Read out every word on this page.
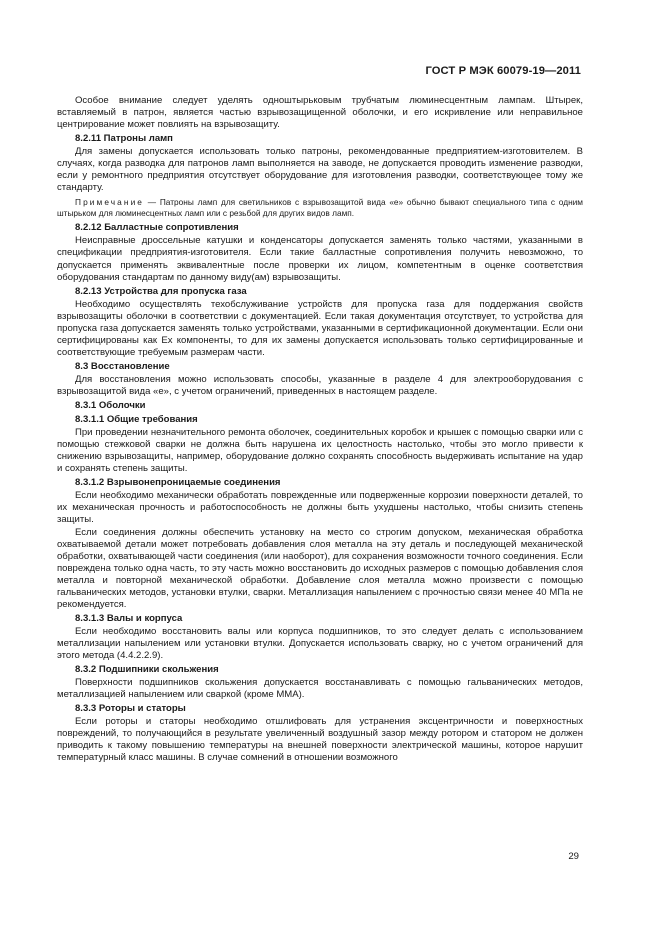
ГОСТ Р МЭК 60079-19—2011
Особое внимание следует уделять одноштырьковым трубчатым люминесцентным лампам. Штырек, вставляемый в патрон, является частью взрывозащищенной оболочки, и его искривление или неправильное центрирование может повлиять на взрывозащиту.
8.2.11 Патроны ламп
Для замены допускается использовать только патроны, рекомендованные предприятием-изготовителем. В случаях, когда разводка для патронов ламп выполняется на заводе, не допускается проводить изменение разводки, если у ремонтного предприятия отсутствует оборудование для изготовления разводки, соответствующее тому же стандарту.
Примечание — Патроны ламп для светильников с взрывозащитой вида «е» обычно бывают специального типа с одним штырьком для люминесцентных ламп или с резьбой для других видов ламп.
8.2.12 Балластные сопротивления
Неисправные дроссельные катушки и конденсаторы допускается заменять только частями, указанными в спецификации предприятия-изготовителя. Если такие балластные сопротивления получить невозможно, то допускается применять эквивалентные после проверки их лицом, компетентным в оценке соответствия оборудования стандартам по данному виду(ам) взрывозащиты.
8.2.13 Устройства для пропуска газа
Необходимо осуществлять техобслуживание устройств для пропуска газа для поддержания свойств взрывозащиты оболочки в соответствии с документацией. Если такая документация отсутствует, то устройства для пропуска газа допускается заменять только устройствами, указанными в сертификационной документации. Если они сертифицированы как Ex компоненты, то для их замены допускается использовать только сертифицированные и соответствующие требуемым размерам части.
8.3 Восстановление
Для восстановления можно использовать способы, указанные в разделе 4 для электрооборудования с взрывозащитой вида «е», с учетом ограничений, приведенных в настоящем разделе.
8.3.1 Оболочки
8.3.1.1 Общие требования
При проведении незначительного ремонта оболочек, соединительных коробок и крышек с помощью сварки или с помощью стежковой сварки не должна быть нарушена их целостность настолько, чтобы это могло привести к снижению взрывозащиты, например, оборудование должно сохранять способность выдерживать испытание на удар и сохранять степень защиты.
8.3.1.2 Взрывонепроницаемые соединения
Если необходимо механически обработать поврежденные или подверженные коррозии поверхности деталей, то их механическая прочность и работоспособность не должны быть ухудшены настолько, чтобы снизить степень защиты.
Если соединения должны обеспечить установку на место со строгим допуском, механическая обработка охватываемой детали может потребовать добавления слоя металла на эту деталь и последующей механической обработки, охватывающей части соединения (или наоборот), для сохранения возможности точного соединения. Если повреждена только одна часть, то эту часть можно восстановить до исходных размеров с помощью добавления слоя металла и повторной механической обработки. Добавление слоя металла можно произвести с помощью гальванических методов, установки втулки, сварки. Металлизация напылением с прочностью связи менее 40 МПа не рекомендуется.
8.3.1.3 Валы и корпуса
Если необходимо восстановить валы или корпуса подшипников, то это следует делать с использованием металлизации напылением или установки втулки. Допускается использовать сварку, но с учетом ограничений для этого метода (4.4.2.2.9).
8.3.2 Подшипники скольжения
Поверхности подшипников скольжения допускается восстанавливать с помощью гальванических методов, металлизацией напылением или сваркой (кроме ММА).
8.3.3 Роторы и статоры
Если роторы и статоры необходимо отшлифовать для устранения эксцентричности и поверхностных повреждений, то получающийся в результате увеличенный воздушный зазор между ротором и статором не должен приводить к такому повышению температуры на внешней поверхности электрической машины, которое нарушит температурный класс машины. В случае сомнений в отношении возможного
29
